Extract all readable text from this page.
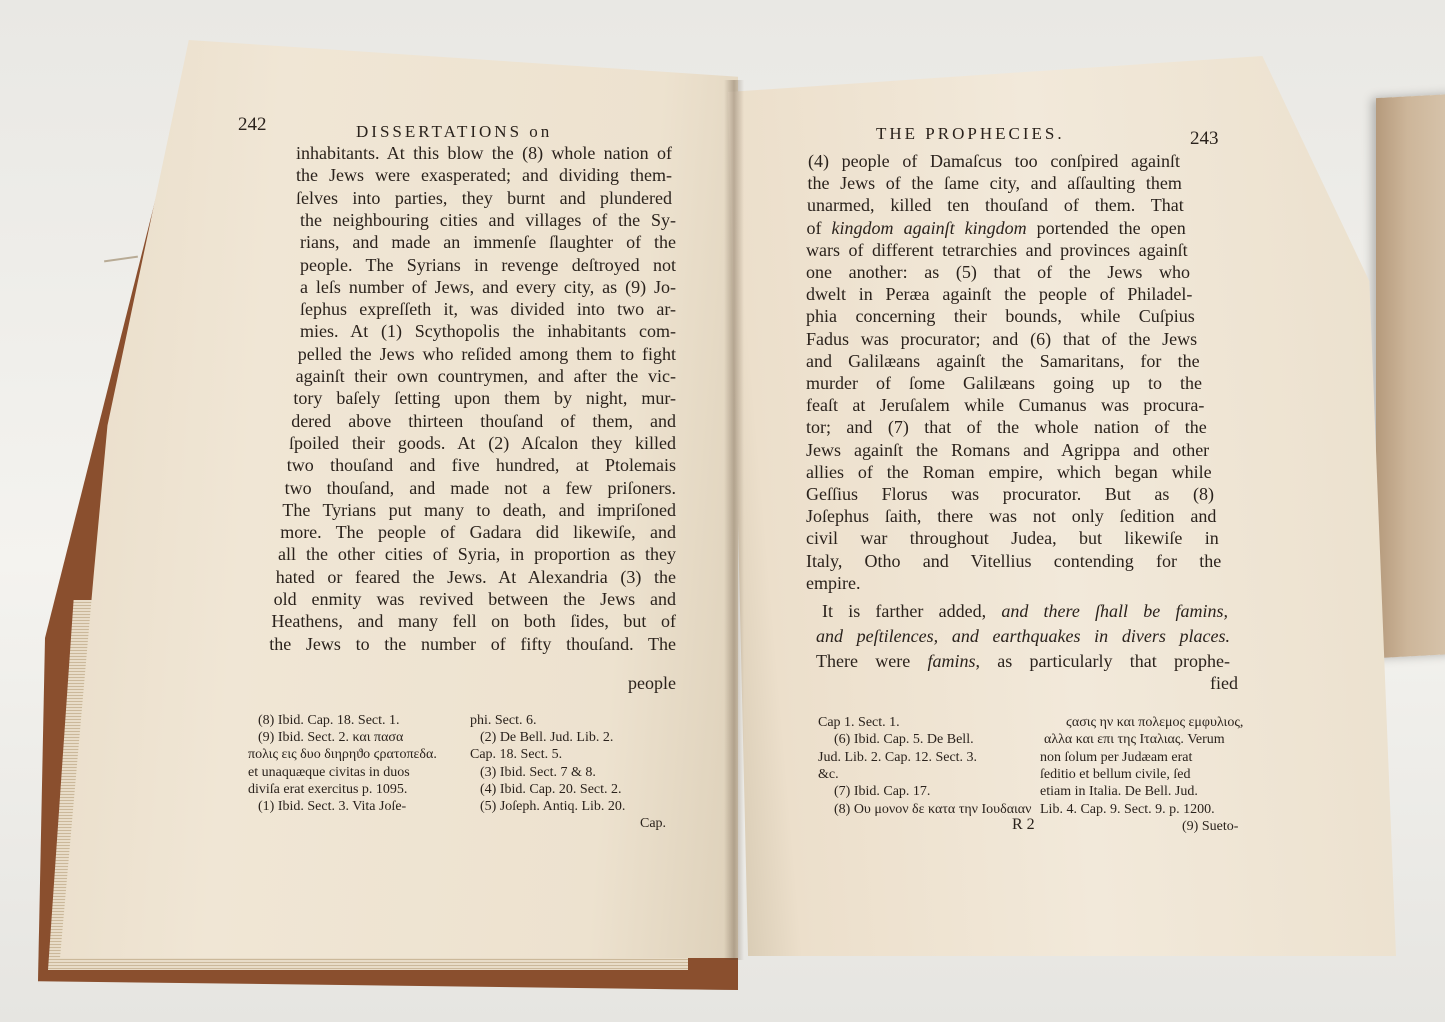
242	DISSERTATIONS on
inhabitants. At this blow the (8) whole nation of
the Jews were exasperated; and dividing them-
ſelves into parties, they burnt and plundered
the neighbouring cities and villages of the Sy-
rians, and made an immenſe ſlaughter of the
people. The Syrians in revenge deſtroyed not
a leſs number of Jews, and every city, as (9) Jo-
ſephus expreſſeth it, was divided into two ar-
mies. At (1) Scythopolis the inhabitants com-
pelled the Jews who reſided among them to fight
againſt their own countrymen, and after the vic-
tory baſely ſetting upon them by night, mur-
dered above thirteen thouſand of them, and
ſpoiled their goods. At (2) Aſcalon they killed
two thouſand and five hundred, at Ptolemais
two thouſand, and made not a few priſoners.
The Tyrians put many to death, and impriſoned
more. The people of Gadara did likewiſe, and
all the other cities of Syria, in proportion as they
hated or feared the Jews. At Alexandria (3) the
old enmity was revived between the Jews and
Heathens, and many fell on both ſides, but of
the Jews to the number of fifty thouſand. The
people
(8) Ibid. Cap. 18. Sect. 1.
(9) Ibid. Sect. 2. και πασα
πολις εις δυο διηρηϑο ϛρατοπεδα.
et unaquæque civitas in duos
diviſa erat exercitus p. 1095.
(1) Ibid. Sect. 3. Vita Joſe-
phi. Sect. 6.
(2) De Bell. Jud. Lib. 2.
Cap. 18. Sect. 5.
(3) Ibid. Sect. 7 & 8.
(4) Ibid. Cap. 20. Sect. 2.
(5) Joſeph. Antiq. Lib. 20.
Cap.
THE PROPHECIES.	243
(4) people of Damaſcus too conſpired againſt
the Jews of the ſame city, and aſſaulting them
unarmed, killed ten thouſand of them. That
of kingdom againſt kingdom portended the open
wars of different tetrarchies and provinces againſt
one another: as (5) that of the Jews who
dwelt in Peræa againſt the people of Philadel-
phia concerning their bounds, while Cuſpius
Fadus was procurator; and (6) that of the Jews
and Galilæans againſt the Samaritans, for the
murder of ſome Galilæans going up to the
feaſt at Jeruſalem while Cumanus was procura-
tor; and (7) that of the whole nation of the
Jews againſt the Romans and Agrippa and other
allies of the Roman empire, which began while
Geſſius Florus was procurator. But as (8)
Joſephus ſaith, there was not only ſedition and
civil war throughout Judea, but likewiſe in
Italy, Otho and Vitellius contending for the
empire.
It is farther added, and there ſhall be famins,
and peſtilences, and earthquakes in divers places.
There were famins, as particularly that prophe-
fied
Cap 1. Sect. 1.
(6) Ibid. Cap. 5. De Bell.
Jud. Lib. 2. Cap. 12. Sect. 3.
&c.
(7) Ibid. Cap. 17.
(8) Ου μονον δε κατα την Ιουδαιαν
ϛασις ην και πολεμος εμφυλιος,
αλλα και επι της Ιταλιας. Verum
non ſolum per Judæam erat
ſeditio et bellum civile, ſed
etiam in Italia. De Bell. Jud.
Lib. 4. Cap. 9. Sect. 9. p. 1200.
R 2	(9) Sueto-
